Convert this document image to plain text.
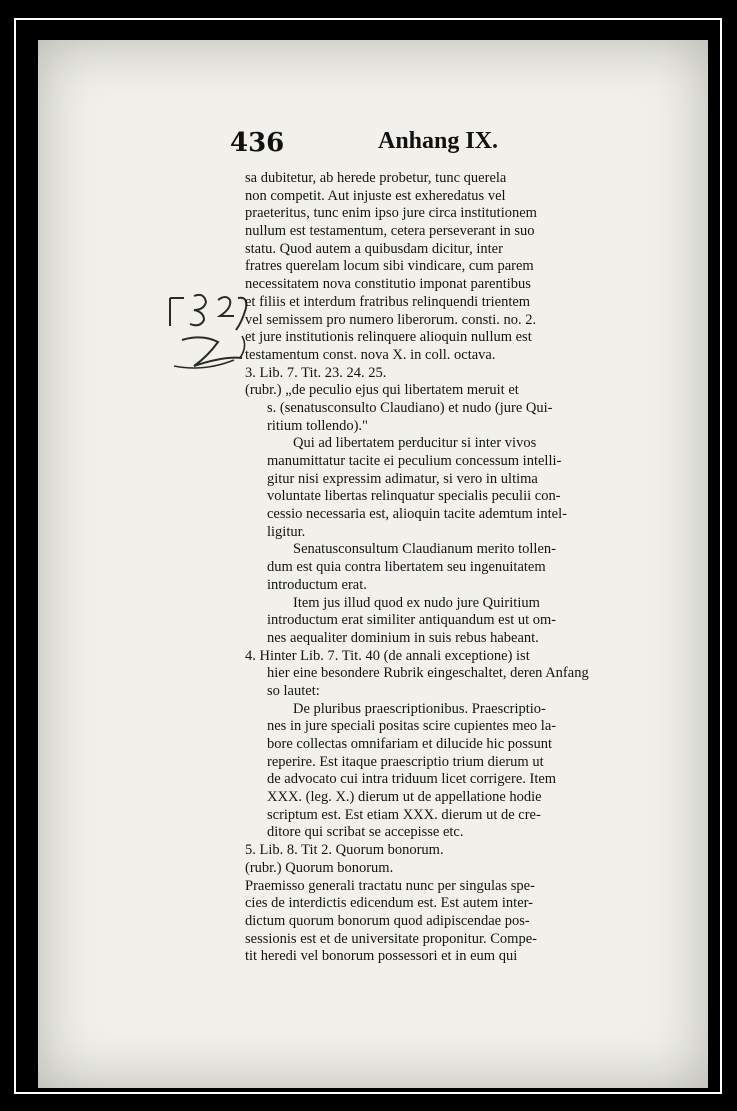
436	Anhang IX.
sa dubitetur, ab herede probetur, tunc querela
non competit. Aut injuste est exheredatus vel
praeteritus, tunc enim ipso jure circa institutionem
nullum est testamentum, cetera perseverant in suo
statu. Quod autem a quibusdam dicitur, inter
fratres querelam locum sibi vindicare, cum parem
necessitatem nova constitutio imponat parentibus
et filiis et interdum fratribus relinquendi trientem
vel semissem pro numero liberorum. consti. no. 2.
et jure institutionis relinquere alioquin nullum est
testamentum const. nova X. in coll. octava.
3. Lib. 7. Tit. 23. 24. 25.
(rubr.) „de peculio ejus qui libertatem meruit et
s. (senatusconsulto Claudiano) et nudo (jure Qui-
ritium tollendo)."
Qui ad libertatem perducitur si inter vivos
manumittatur tacite ei peculium concessum intelli-
gitur nisi expressim adimatur, si vero in ultima
voluntate libertas relinquatur specialis peculii con-
cessio necessaria est, alioquin tacite ademtum intel-
ligitur.
Senatusconsultum Claudianum merito tollen-
dum est quia contra libertatem seu ingenuitatem
introductum erat.
Item jus illud quod ex nudo jure Quiritium
introductum erat similiter antiquandum est ut om-
nes aequaliter dominium in suis rebus habeant.
4. Hinter Lib. 7. Tit. 40 (de annali exceptione) ist
hier eine besondere Rubrik eingeschaltet, deren Anfang
so lautet:
De pluribus praescriptionibus. Praescriptio-
nes in jure speciali positas scire cupientes meo la-
bore collectas omnifariam et dilucide hic possunt
reperire. Est itaque praescriptio trium dierum ut
de advocato cui intra triduum licet corrigere. Item
XXX. (leg. X.) dierum ut de appellatione hodie
scriptum est. Est etiam XXX. dierum ut de cre-
ditore qui scribat se accepisse etc.
5. Lib. 8. Tit 2. Quorum bonorum.
(rubr.) Quorum bonorum.
Praemisso generali tractatu nunc per singulas spe-
cies de interdictis edicendum est. Est autem inter-
dictum quorum bonorum quod adipiscendae pos-
sessionis est et de universitate proponitur. Compe-
tit heredi vel bonorum possessori et in eum qui
